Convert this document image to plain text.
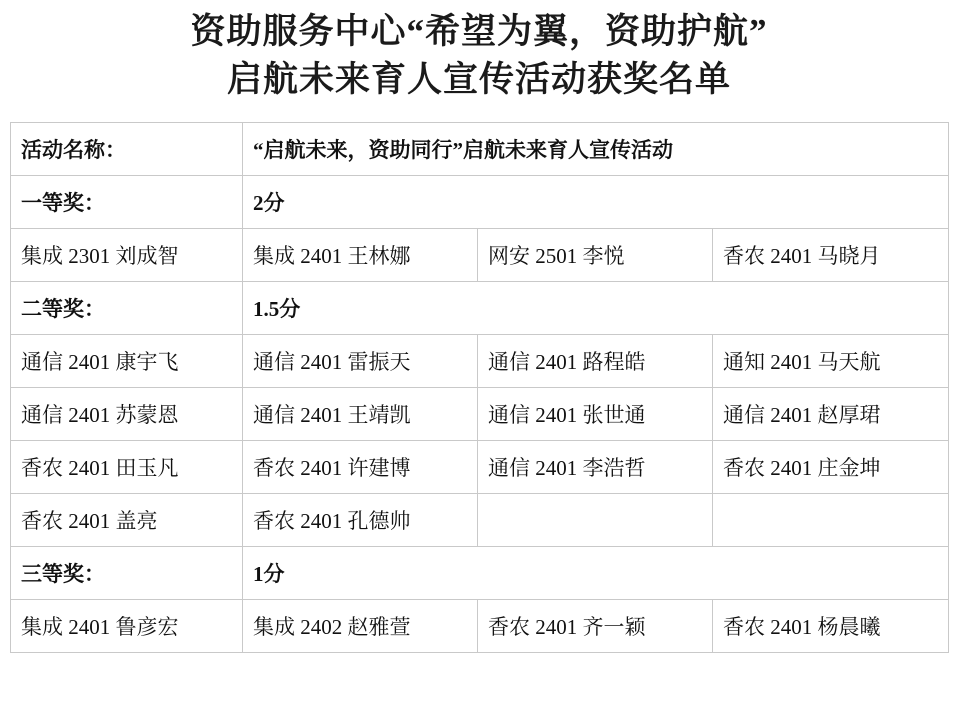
资助服务中心“希望为翼，资助护航”
启航未来育人宣传活动获奖名单
活动名称：	“启航未来，资助同行”启航未来育人宣传活动		
一等奖：	2分		
集成 2301 刘成智	集成 2401 王林娜	网安 2501 李悦	香农 2401 马晓月
二等奖：	1.5分		
通信 2401 康宇飞	通信 2401 雷振天	通信 2401 路程皓	通知 2401 马天航
通信 2401 苏蒙恩	通信 2401 王靖凯	通信 2401 张世通	通信 2401 赵厚珺
香农 2401 田玉凡	香农 2401 许建博	通信 2401 李浩哲	香农 2401 庄金坤
香农 2401 盖亮	香农 2401 孔德帅		
三等奖：	1分		
集成 2401 鲁彦宏	集成 2402 赵雅萱	香农 2401 齐一颖	香农 2401 杨晨曦
